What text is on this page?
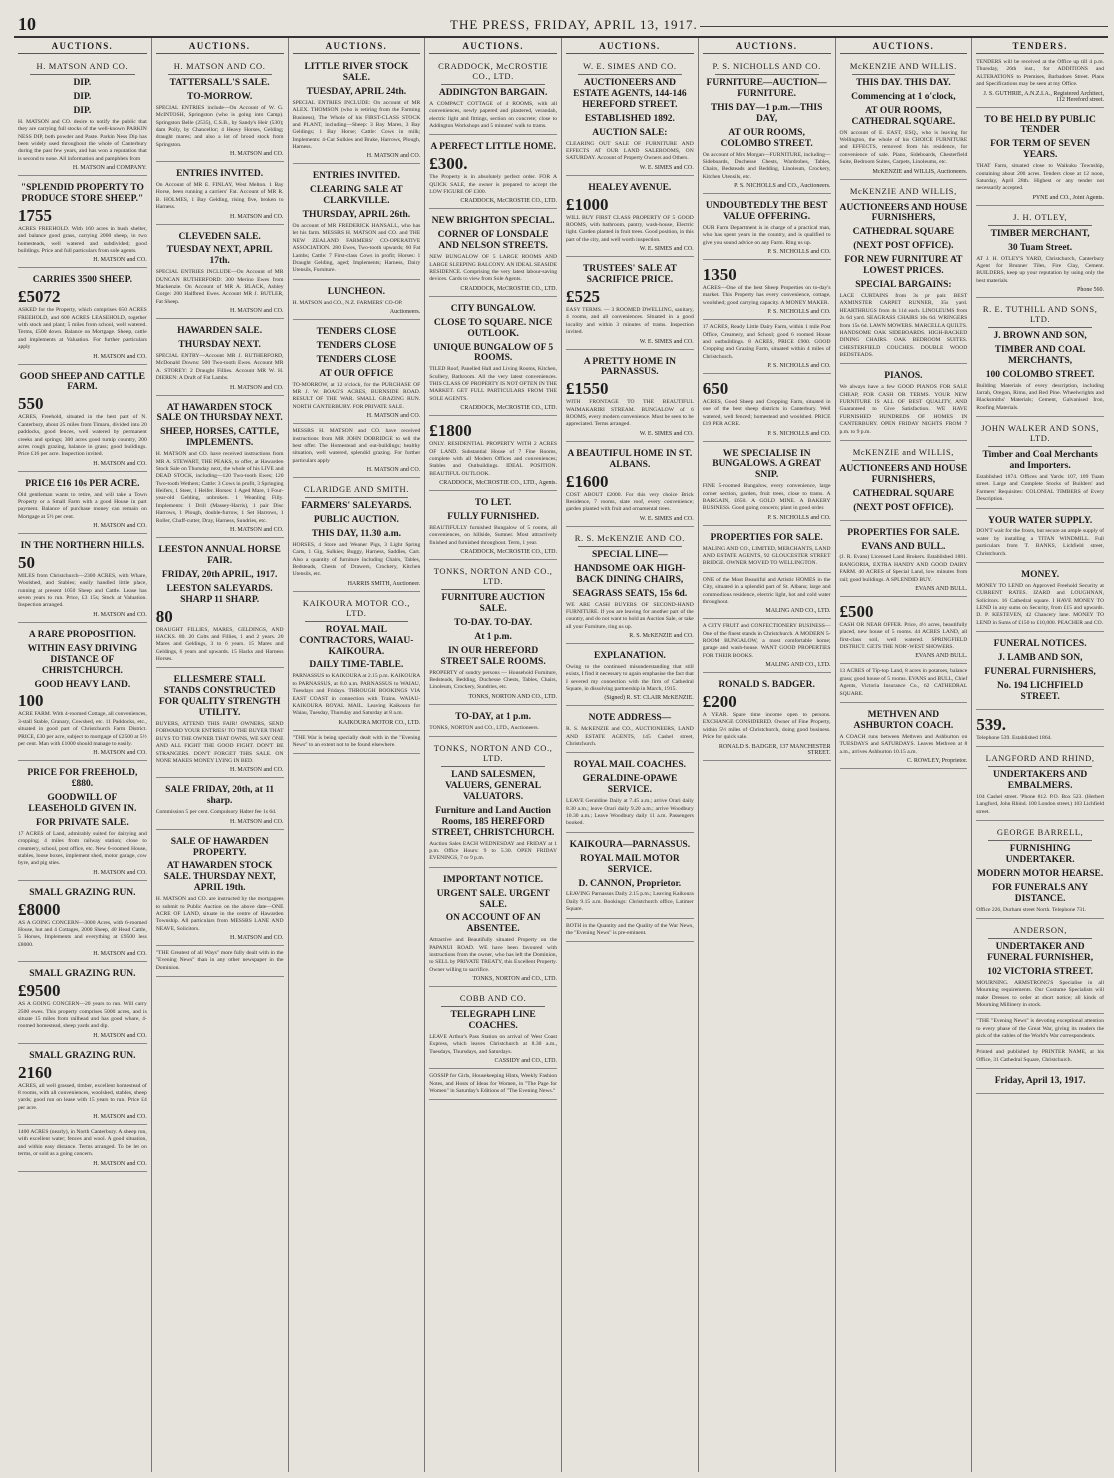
10	THE PRESS, FRIDAY, APRIL 13, 1917.
AUCTIONS.
H. MATSON AND CO.
DIP.
DIP.
DIP.

H. MATSON and CO. desire to notify the public that they are carrying full stocks of the well-known PARKIN NESS DIP, both powder and Paste. Parkin Ness Dip has been widely used throughout the whole of Canterbury during the past few years, and has won a reputation that is second to none. All information and pamphlets from

H. MATSON and COMPANY.
"SPLENDID PROPERTY TO PRODUCE STORE SHEEP."
1755

ACRES FREEHOLD. With 160 acres in bush shelter, and balance good grass, carrying 2000 sheep, in two homesteads, well watered and subdivided; good buildings. Price and full particulars from sole agents.

H. MATSON and CO.
CARRIES 3500 SHEEP.
£5072

ASKED for the Property, which comprises 650 ACRES FREEHOLD, and 600 ACRES LEASEHOLD, together with stock and plant; 5 miles from school, well watered. Terms, £500 down. Balance on Mortgage. Sheep, cattle and implements at Valuation. For further particulars apply

H. MATSON and CO.
GOOD SHEEP AND CATTLE FARM.
550

ACRES, Freehold, situated in the best part of N. Canterbury, about 25 miles from Timaru, divided into 20 paddocks, good fences, well watered by permanent creeks and springs; 300 acres good turnip country, 200 acres rough grazing, balance in grass; good buildings. Price £16 per acre. Inspection invited.

H. MATSON and CO.
PRICE £16 10s PER ACRE.

Old gentleman wants to retire, and will take a Town Property or a Small Farm with a good House in part payment. Balance of purchase money can remain on Mortgage at 5½ per cent.

H. MATSON and CO.
IN THE NORTHERN HILLS.
50

MILES from Christchurch—2300 ACRES, with Whare, Woolshed, and Stables; easily handled little place, running at present 1050 Sheep and Cattle. Lease has seven years to run. Price, £3 15s; Stock at Valuation. Inspection arranged.

H. MATSON and CO.
A RARE PROPOSITION.
WITHIN EASY DRIVING DISTANCE OF CHRISTCHURCH.
GOOD HEAVY LAND.
100

ACRE FARM. With 4-roomed Cottage, all conveniences, 3-stall Stable, Granary, Cowshed, etc. 11 Paddocks, etc., situated in good part of Christchurch Farm District. PRICE, £30 per acre, subject to mortgage of £2500 at 5½ per cent. Man with £1000 should manage to easily.

H. MATSON and CO.
PRICE FOR FREEHOLD, £880.
GOODWILL OF LEASEHOLD GIVEN IN.
FOR PRIVATE SALE.

17 ACRES of Land, admirably suited for dairying and cropping; 4 miles from railway station; close to creamery, school, post office, etc. New 6-roomed House, stables, loose boxes, implement shed, motor garage, cow byre, and pig sties.

H. MATSON and CO.
SMALL GRAZING RUN.
£8000

AS A GOING CONCERN—3000 Acres, with 6-roomed House, hut and 4 Cottages, 2000 Sheep, 40 Head Cattle, 5 Horses, Implements and everything at £9500 less £8000.

H. MATSON and CO.
SMALL GRAZING RUN.
£9500

AS A GOING CONCERN—20 years to run. Will carry 2500 ewes. This property comprises 5000 acres, and is situate 15 miles from railhead and has good whare, 4-roomed homestead, sheep yards and dip.

H. MATSON and CO.
SMALL GRAZING RUN.
2160

ACRES, all well grassed, timber, excellent homestead of 8 rooms, with all conveniences, woolshed, stables, sheep yards; good run on lease with 15 years to run. Price £4 per acre.

H. MATSON and CO.

1400 ACRES (nearly), in North Canterbury. A sheep run, with excellent water; fences and wool. A good situation, and within easy distance. Terms arranged. To be let on terms, or sold as a going concern.

H. MATSON and CO.
AUCTIONS.
H. MATSON AND CO.
TATTERSALL'S SALE.
TO-MORROW.

SPECIAL ENTRIES include—On Account of W. G. McINTOSH, Springston (who is going into Camp). Springston Belle (2535), C.S.B., by Sandy's Heir (530); dam Polly, by Chancellor; 4 Heavy Horses, Gelding; draught mares; and also a lot of brood stock from Springston.

H. MATSON and CO.
ENTRIES INVITED.

On Account of MR E. FINLAY, West Melton. 1 Bay Horse, been running a carriers' Fat. Account of MR R. B. HOLMES, 1 Bay Gelding, rising five, broken to Harness.

H. MATSON and CO.
CLEVEDEN SALE.
TUESDAY NEXT, APRIL 17th.

SPECIAL ENTRIES INCLUDE—On Account of MR DUNCAN RUTHERFORD: 300 Merino Ewes from Mackenzie. On Account of MR A. BLACK, Ashley Gorge: 200 Halfbred Ewes. Account MR J. BUTLER, Fat Sheep.

H. MATSON and CO.
HAWARDEN SALE.
THURSDAY NEXT.

SPECIAL ENTRY—Account MR J. RUTHERFORD, McDonald Downs: 500 Two-tooth Ewes. Account MR A. STOREY: 2 Draught Fillies. Account MR W. H. DIEREN: A Draft of Fat Lambs.

H. MATSON and CO.
AT HAWARDEN STOCK SALE ON THURSDAY NEXT.
SHEEP, HORSES, CATTLE, IMPLEMENTS.

H. MATSON and CO. have received instructions from MR A. STEWART, THE PEAKS, to offer, at Hawarden Stock Sale on Thursday next, the whole of his LIVE and DEAD STOCK, including—120 Two-tooth Ewes; 120 Two-tooth Wethers; Cattle: 3 Cows in profit, 3 Springing Heifers, 1 Steer, 1 Heifer. Horses: 1 Aged Mare, 1 Four-year-old Gelding, unbroken. 1 Weanling Filly. Implements: 1 Drill (Massey-Harris), 1 pair Disc Harrows, 1 Plough, double-furrow, 1 Set Harrows, 1 Roller, Chaff-cutter, Dray, Harness, Sundries, etc.

H. MATSON and CO.
LEESTON ANNUAL HORSE FAIR.
FRIDAY, 20th APRIL, 1917.
LEESTON SALEYARDS. SHARP 11 SHARP.
80

DRAUGHT FILLIES, MARES, GELDINGS, AND HACKS. 80. 20 Colts and Fillies, 1 and 2 years. 20 Mares and Geldings, 3 to 6 years. 15 Mares and Geldings, 6 years and upwards. 15 Hacks and Harness Horses.

ELLESMERE STALL STANDS CONSTRUCTED FOR QUALITY STRENGTH UTILITY.

BUYERS, ATTEND THIS FAIR! OWNERS, SEND FORWARD YOUR ENTRIES! TO THE BUYER THAT BUYS TO THE OWNER THAT OWNS, WE SAY ONE AND ALL FIGHT THE GOOD FIGHT. DON'T BE STRANGERS. DON'T FORGET THIS SALE. ON NONE MAKES MONEY LYING IN BED.

H. MATSON and CO.
SALE FRIDAY, 20th, at 11 sharp.

Commission 5 per cent. Compulsory Halter fee 1s 6d.

H. MATSON and CO.
SALE OF HAWARDEN PROPERTY.
AT HAWARDEN STOCK SALE. THURSDAY NEXT, APRIL 19th.

H. MATSON and CO. are instructed by the mortgagees to submit to Public Auction on the above date—ONE ACRE OF LAND, situate in the centre of Hawarden Township. All particulars from MESSRS LANE AND NEAVE, Solicitors.

H. MATSON and CO.

"THE Greatest of all Ways" more fully dealt with in the "Evening News" than in any other newspaper in the Dominion.

AUCTIONS.
LITTLE RIVER STOCK SALE.
TUESDAY, APRIL 24th.

SPECIAL ENTRIES INCLUDE: On account of MR ALEX. THOMSON (who is retiring from the Farming Business), The Whole of his FIRST-CLASS STOCK and PLANT, including—Sheep: 3 Bay Mares, 3 Bay Geldings; 1 Bay Horse; Cattle: Cows in milk; Implements: 4-Cut Sulkies and Brake, Harrows, Plough, Harness.

H. MATSON and CO.
ENTRIES INVITED.
CLEARING SALE AT CLARKVILLE.
THURSDAY, APRIL 26th.

On account of MR FREDERICK HANSALL, who has let his farm. MESSRS H. MATSON and CO. and THE NEW ZEALAND FARMERS' CO-OPERATIVE ASSOCIATION. 280 Ewes, Two-tooth upwards; 60 Fat Lambs; Cattle: 7 First-class Cows in profit; Horses: 1 Draught Gelding, aged; Implements; Harness, Dairy Utensils, Furniture.

LUNCHEON.

H. MATSON and CO., N.Z. FARMERS' CO-OP.

Auctioneers.
TENDERS CLOSE
TENDERS CLOSE
TENDERS CLOSE
AT OUR OFFICE

TO-MORROW, at 12 o'clock, for the PURCHASE OF MR J. W. BOAG'S ACRES, BURNSIDE ROAD. RESULT OF THE WAR. SMALL GRAZING RUN. NORTH CANTERBURY. FOR PRIVATE SALE.

H. MATSON and CO.

MESSRS H. MATSON and CO. have received instructions from MR JOHN DOBRIDGE to sell the best offer. The Homestead and out-buildings; healthy situation, well watered, splendid grazing. For further particulars apply

H. MATSON and CO.
CLARIDGE AND SMITH.
FARMERS' SALEYARDS.
PUBLIC AUCTION.
THIS DAY, 11.30 a.m.

HORSES, 4 Store and Weaner Pigs, 3 Light Spring Carts, 1 Gig, Sulkies; Buggy, Harness, Saddles, Cart. Also a quantity of furniture including Chairs, Tables, Bedsteads, Chests of Drawers, Crockery, Kitchen Utensils, etc.

HARRIS SMITH, Auctioneer.
KAIKOURA MOTOR CO., LTD.
ROYAL MAIL CONTRACTORS, WAIAU-KAIKOURA.
DAILY TIME-TABLE.

PARNASSUS to KAIKOURA at 2.15 p.m. KAIKOURA to PARNASSUS, at 8.0 a.m. PARNASSUS to WAIAU, Tuesdays and Fridays. THROUGH BOOKINGS VIA EAST COAST in connection with Trains. WAIAU-KAIKOURA ROYAL MAIL. Leaving Kaikoura for Waiau, Tuesday, Thursday and Saturday at 8 a.m.

KAIKOURA MOTOR CO., LTD.

"THE War is being specially dealt with in the "Evening News" to an extent not to be found elsewhere.

AUCTIONS.
CRADDOCK, McCROSTIE CO., LTD.
ADDINGTON BARGAIN.

A COMPACT COTTAGE of 4 ROOMS, with all conveniences, newly papered and plastered, verandah, electric light and fittings, section on concrete; close to Addington Workshops and 5 minutes' walk to trams.

A PERFECT LITTLE HOME.
£300.

The Property is in absolutely perfect order. FOR A QUICK SALE, the owner is prepared to accept the LOW FIGURE OF £300.

CRADDOCK, McCROSTIE CO., LTD.
NEW BRIGHTON SPECIAL.
CORNER OF LONSDALE AND NELSON STREETS.

NEW BUNGALOW OF 5 LARGE ROOMS AND LARGE SLEEPING BALCONY. AN IDEAL SEASIDE RESIDENCE. Comprising the very latest labour-saving devices. Cards to view from Sole Agents.

CRADDOCK, McCROSTIE CO., LTD.
CITY BUNGALOW.
CLOSE TO SQUARE. NICE OUTLOOK.
UNIQUE BUNGALOW OF 5 ROOMS.

TILED Roof, Panelled Hall and Living Rooms, Kitchen, Scullery, Bathroom. All the very latest conveniences. THIS CLASS OF PROPERTY IS NOT OFTEN IN THE MARKET. GET FULL PARTICULARS FROM THE SOLE AGENTS.

CRADDOCK, McCROSTIE CO., LTD.
£1800

ONLY. RESIDENTIAL PROPERTY WITH 2 ACRES OF LAND. Substantial House of 7 Fine Rooms, complete with all Modern Offices and conveniences; Stables and Outbuildings. IDEAL POSITION. BEAUTIFUL OUTLOOK.

CRADDOCK, McCROSTIE CO., LTD., Agents.
TO LET.
FULLY FURNISHED.

BEAUTIFULLY furnished Bungalow of 5 rooms, all conveniences, on hillside, Sumner. Most attractively finished and furnished throughout. Term, 1 year.

CRADDOCK, McCROSTIE CO., LTD.
TONKS, NORTON AND CO., LTD.
FURNITURE AUCTION SALE.
TO-DAY. TO-DAY.
At 1 p.m.
IN OUR HEREFORD STREET SALE ROOMS.

PROPERTY of sundry persons — Household Furniture, Bedsteads, Bedding, Duchesse Chests, Tables, Chairs, Linoleum, Crockery, Sundries, etc.

TONKS, NORTON AND CO., LTD.
TO-DAY, at 1 p.m.

TONKS, NORTON and CO., LTD., Auctioneers.

TONKS, NORTON AND CO., LTD.
LAND SALESMEN, VALUERS, GENERAL VALUATORS.
Furniture and Land Auction Rooms, 185 HEREFORD STREET, CHRISTCHURCH.

Auction Sales EACH WEDNESDAY and FRIDAY at 1 p.m. Office Hours: 9 to 5.30. OPEN FRIDAY EVENINGS, 7 to 9 p.m.

IMPORTANT NOTICE.
URGENT SALE. URGENT SALE.
ON ACCOUNT OF AN ABSENTEE.

Attractive and Beautifully situated Property on the PAPANUI ROAD. WE have been favoured with instructions from the owner, who has left the Dominion, to SELL by PRIVATE TREATY, this Excellent Property. Owner willing to sacrifice.

TONKS, NORTON and CO., LTD.
COBB AND CO.
TELEGRAPH LINE COACHES.

LEAVE Arthur's Pass Station on arrival of West Coast Express, which leaves Christchurch at 8.30 a.m., Tuesdays, Thursdays, and Saturdays.

CASSIDY and CO., LTD.

GOSSIP for Girls, Housekeeping Hints, Weekly Fashion Notes, and Hosts of Ideas for Women, in "The Page for Women" in Saturday's Editions of "The Evening News."

AUCTIONS.
W. E. SIMES AND CO.
AUCTIONEERS AND ESTATE AGENTS, 144-146 HEREFORD STREET.
ESTABLISHED 1892.
AUCTION SALE:

CLEARING OUT SALE OF FURNITURE AND EFFECTS AT OUR LAND SALEROOMS, ON SATURDAY. Account of Property Owners and Others.

W. E. SIMES and CO.
HEALEY AVENUE.
£1000

WILL BUY FIRST CLASS PROPERTY OF 5 GOOD ROOMS, with bathroom, pantry, wash-house, Electric light. Garden planted in fruit trees. Good position, in this part of the city, and well worth inspection.

W. E. SIMES and CO.
TRUSTEES' SALE AT SACRIFICE PRICE.
£525

EASY TERMS. — 3 ROOMED DWELLING, sanitary, 4 rooms, and all conveniences. Situated in a good locality and within 3 minutes of trams. Inspection invited.

W. E. SIMES and CO.
A PRETTY HOME IN PARNASSUS.
£1550

WITH FRONTAGE TO THE BEAUTIFUL WAIMAKARIRI STREAM. BUNGALOW of 6 ROOMS, every modern convenience. Must be seen to be appreciated. Terms arranged.

W. E. SIMES and CO.
A BEAUTIFUL HOME IN ST. ALBANS.
£1600

COST ABOUT £2000. For this very choice Brick Residence, 7 rooms, slate roof, every convenience; garden planted with fruit and ornamental trees.

W. E. SIMES and CO.
R. S. McKENZIE AND CO.
SPECIAL LINE—
HANDSOME OAK HIGH-BACK DINING CHAIRS,
SEAGRASS SEATS, 15s 6d.

WE ARE CASH BUYERS OF SECOND-HAND FURNITURE. If you are leaving for another part of the country, and do not want to hold an Auction Sale, or take all your Furniture, ring us up.

R. S. McKENZIE and CO.
EXPLANATION.

Owing to the continued misunderstanding that still exists, I find it necessary to again emphasise the fact that I severed my connection with the firm of Cathedral Square, in dissolving partnership in March, 1915.

(Signed) R. ST. CLAIR McKENZIE.
NOTE ADDRESS—

R. S. McKENZIE and CO., AUCTIONEERS, LAND AND ESTATE AGENTS, 145 Cashel street, Christchurch.

ROYAL MAIL COACHES.
GERALDINE-OPAWE SERVICE.

LEAVE Geraldine Daily at 7.45 a.m.; arrive Orari daily 8.30 a.m.; leave Orari daily 9.20 a.m.; arrive Woodbury 10.30 a.m.; Leave Woodbury daily 11 a.m. Passengers booked.

KAIKOURA—PARNASSUS.
ROYAL MAIL MOTOR SERVICE.
D. CANNON, Proprietor.

LEAVING Parnassus Daily 2.15 p.m.; Leaving Kaikoura Daily 9.15 a.m. Bookings: Christchurch office, Latimer Square.

BOTH in the Quantity and the Quality of the War News, the "Evening News" is pre-eminent.

AUCTIONS.
P. S. NICHOLLS AND CO.
FURNITURE—AUCTION—FURNITURE.
THIS DAY—1 p.m.—THIS DAY,
AT OUR ROOMS, COLOMBO STREET.

On account of Mrs Morgan—FURNITURE, including—Sideboards, Duchesse Chests, Wardrobes, Tables, Chairs, Bedsteads and Bedding, Linoleum, Crockery, Kitchen Utensils, etc.

P. S. NICHOLLS and CO., Auctioneers.
UNDOUBTEDLY THE BEST VALUE OFFERING.

OUR Farm Department is in charge of a practical man, who has spent years in the country, and is qualified to give you sound advice on any Farm. Ring us up.

P. S. NICHOLLS and CO.
1350

ACRES—One of the best Sheep Properties on to-day's market. This Property has every convenience, cottage, woolshed; good carrying capacity. A MONEY MAKER.

P. S. NICHOLLS and CO.

17 ACRES, Ready Little Dairy Farm, within 1 mile Post Office, Creamery, and School; good 6 roomed House and outbuildings. 8 ACRES, PRICE £900. GOOD Cropping and Grazing Farm, situated within 4 miles of Christchurch.

P. S. NICHOLLS and CO.
650

ACRES, Good Sheep and Cropping Farm, situated in one of the best sheep districts in Canterbury. Well watered, well fenced; homestead and woolshed. PRICE £19 PER ACRE.

P. S. NICHOLLS and CO.
WE SPECIALISE IN BUNGALOWS. A GREAT SNIP.

FINE 5-roomed Bungalow, every convenience, large corner section, garden, fruit trees, close to trams. A BARGAIN, £650. A GOLD MINE. A BAKERY BUSINESS. Good going concern; plant in good order.

P. S. NICHOLLS and CO.
PROPERTIES FOR SALE.

MALING AND CO., LIMITED, MERCHANTS, LAND AND ESTATE AGENTS, 92 GLOUCESTER STREET BRIDGE. OWNER MOVED TO WELLINGTON.

ONE of the Most Beautiful and Artistic HOMES in the City, situated in a splendid part of St. Albans; large and commodious residence, electric light, hot and cold water throughout.

MALING AND CO., LTD.

A CITY FRUIT and CONFECTIONERY BUSINESS—One of the finest stands in Christchurch. A MODERN 5-ROOM BUNGALOW, a most comfortable home; garage and wash-house. WANT GOOD PROPERTIES FOR THEIR BOOKS.

MALING AND CO., LTD.
RONALD S. BADGER.
£200

A YEAR. Spare time income open to persons. EXCHANGE CONSIDERED. Owner of Fine Property, within 5½ miles of Christchurch, doing good business. Price for quick sale.

RONALD S. BADGER, 137 MANCHESTER STREET.
AUCTIONS.
McKENZIE AND WILLIS.
THIS DAY. THIS DAY.
Commencing at 1 o'clock,
AT OUR ROOMS, CATHEDRAL SQUARE.

ON account of E. EAST, ESQ., who is leaving for Wellington, the whole of his CHOICE FURNITURE and EFFECTS, removed from his residence, for convenience of sale. Piano, Sideboards, Chesterfield Suite, Bedroom Suites, Carpets, Linoleums, etc.

McKENZIE and WILLIS, Auctioneers.
McKENZIE AND WILLIS,
AUCTIONEERS AND HOUSE FURNISHERS,
CATHEDRAL SQUARE
(NEXT POST OFFICE).
FOR NEW FURNITURE AT LOWEST PRICES.
SPECIAL BARGAINS:

LACE CURTAINS from 3s pr pair. BEST AXMINSTER CARPET RUNNER, 35s yard. HEARTHRUGS from 4s 11d each. LINOLEUMS from 2s 6d yard. SEAGRASS CHAIRS 10s 6d. WRINGERS from 15s 6d. LAWN MOWERS. MARCELLA QUILTS. HANDSOME OAK SIDEBOARDS. HIGH-BACKED DINING CHAIRS. OAK BEDROOM SUITES. CHESTERFIELD COUCHES. DOUBLE WOOD BEDSTEADS.

PIANOS.

We always have a few GOOD PIANOS FOR SALE CHEAP, FOR CASH OR TERMS. YOUR NEW FURNITURE IS ALL OF BEST QUALITY, AND Guaranteed to Give Satisfaction. WE HAVE FURNISHED HUNDREDS OF HOMES IN CANTERBURY. OPEN FRIDAY NIGHTS FROM 7 p.m. to 9 p.m.

McKENZIE and WILLIS,
AUCTIONEERS AND HOUSE FURNISHERS,
CATHEDRAL SQUARE
(NEXT POST OFFICE).
PROPERTIES FOR SALE.
EVANS AND BULL.

(J. R. Evans) Licensed Land Brokers. Established 1881. BANGORIA, EXTRA HANDY AND GOOD DAIRY FARM. 40 ACRES of Special Land, low minutes from rail; good buildings. A SPLENDID BUY.

EVANS AND BULL.
£500

CASH OR NEAR OFFER. Price, 4½ acres, beautifully placed, new house of 5 rooms. 44 ACRES LAND, all first-class soil, well watered. SPRINGFIELD DISTRICT. GETS THE NOR'-WEST SHOWERS.

EVANS AND BULL.

13 ACRES of Tip-top Land, 8 acres in potatoes, balance grass; good house of 5 rooms. EVANS and BULL, Chief Agents, Victoria Insurance Co., 62 CATHEDRAL SQUARE.

METHVEN AND ASHBURTON COACH.

A COACH runs between Methven and Ashburton on TUESDAYS and SATURDAYS. Leaves Methven at 8 a.m., arrives Ashburton 10.15 a.m.

C. ROWLEY, Proprietor.
TENDERS.

TENDERS will be received at the Office up till 4 p.m. Thursday, 26th inst., for ADDITIONS and ALTERATIONS to Premises, Barbadoes Street. Plans and Specifications may be seen at my Office.

J. S. GUTHRIE, A.N.Z.I.A., Registered Architect, 112 Hereford street.
TO BE HELD BY PUBLIC TENDER
FOR TERM OF SEVEN YEARS.

THAT Farm, situated close to Waikuku Township, containing about 200 acres. Tenders close at 12 noon, Saturday, April 28th. Highest or any tender not necessarily accepted.

PYNE and CO., Joint Agents.
J. H. OTLEY,
TIMBER MERCHANT,
30 Tuam Street.

AT J. H. OTLEY'S YARD, Christchurch, Canterbury Agent for Brunner Tiles, Fire Clay, Cement. BUILDERS, keep up your reputation by using only the best materials.

Phone 560.
R. E. TUTHILL AND SONS, LTD.
J. BROWN AND SON,
TIMBER AND COAL MERCHANTS,
100 COLOMBO STREET.

Building Materials of every description, including Jarrah, Oregon, Rimu, and Red Pine. Wheelwrights and Blacksmiths' Materials; Cement, Galvanised Iron, Roofing Materials.

JOHN WALKER AND SONS, LTD.
Timber and Coal Merchants and Importers.

Established 1874. Offices and Yards: 107, 109 Tuam street. Large and Complete Stocks of Builders' and Farmers' Requisites: COLONIAL TIMBERS of Every Description.

YOUR WATER SUPPLY.

DON'T wait for the frosts, but secure an ample supply of water by installing a TITAN WINDMILL. Full particulars from T. BANKS, Lichfield street, Christchurch.

MONEY.

MONEY TO LEND on Approved Freehold Security at CURRENT RATES. IZARD and LOUGHNAN, Solicitors. 16 Cathedral square. I HAVE MONEY TO LEND in any sums on Security, from £15 and upwards. D. P. KESTEVEN, 42 Chancery lane. MONEY TO LEND in Sums of £150 to £10,000. PEACHER and CO.

FUNERAL NOTICES.
J. LAMB AND SON,
FUNERAL FURNISHERS,
No. 194 LICHFIELD STREET.
539.

Telephone 539. Established 1864.

LANGFORD AND RHIND,
UNDERTAKERS AND EMBALMERS.

104 Cashel street. 'Phone 812. P.O. Box 523. (Herbert Langford, John Rhind. 100 London street.) 103 Lichfield street.

GEORGE BARRELL,
FURNISHING UNDERTAKER.
MODERN MOTOR HEARSE.
FOR FUNERALS ANY DISTANCE.

Office 226, Durham street North. Telephone 731.

ANDERSON,
UNDERTAKER AND FUNERAL FURNISHER,
102 VICTORIA STREET.

MOURNING. ARMSTRONG'S Specialise in all Mourning requirements. Our Costume Specialists will make Dresses to order at short notice; all kinds of Mourning Millinery in stock.

"THE "Evening News" is devoting exceptional attention to every phase of the Great War, giving its readers the pick of the cables of the World's War correspondents.

Printed and published by PRINTER NAME, at his Office, 31 Cathedral Square, Christchurch.

Friday, April 13, 1917.
